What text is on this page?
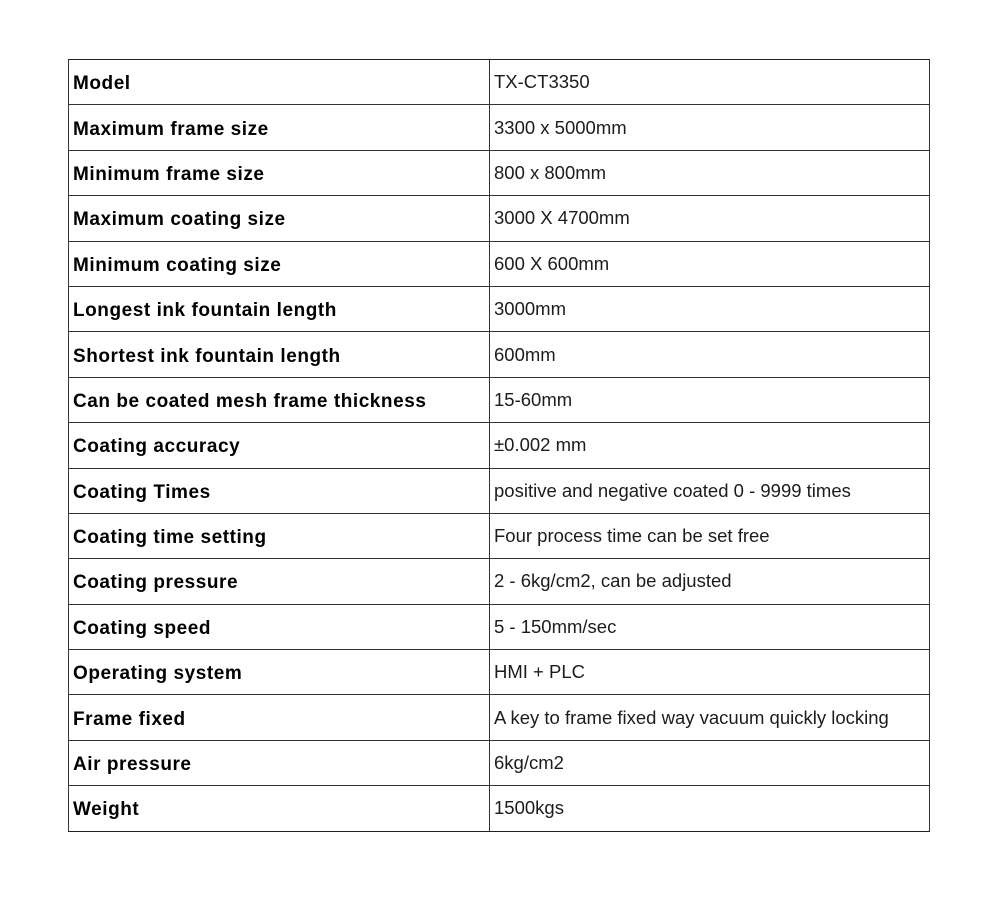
Model	TX-CT3350
Maximum frame size	3300 x 5000mm
Minimum frame size	800 x 800mm
Maximum coating size	3000 X 4700mm
Minimum coating size	600 X 600mm
Longest ink fountain length	3000mm
Shortest ink fountain length	600mm
Can be coated mesh frame thickness	15-60mm
Coating accuracy	±0.002 mm
Coating Times	positive and negative coated 0 - 9999 times
Coating time setting	Four process time can be set free
Coating pressure	2 - 6kg/cm2, can be adjusted
Coating speed	5 - 150mm/sec
Operating system	HMI + PLC
Frame fixed	A key to frame fixed way vacuum quickly locking
Air pressure	6kg/cm2
Weight	1500kgs
